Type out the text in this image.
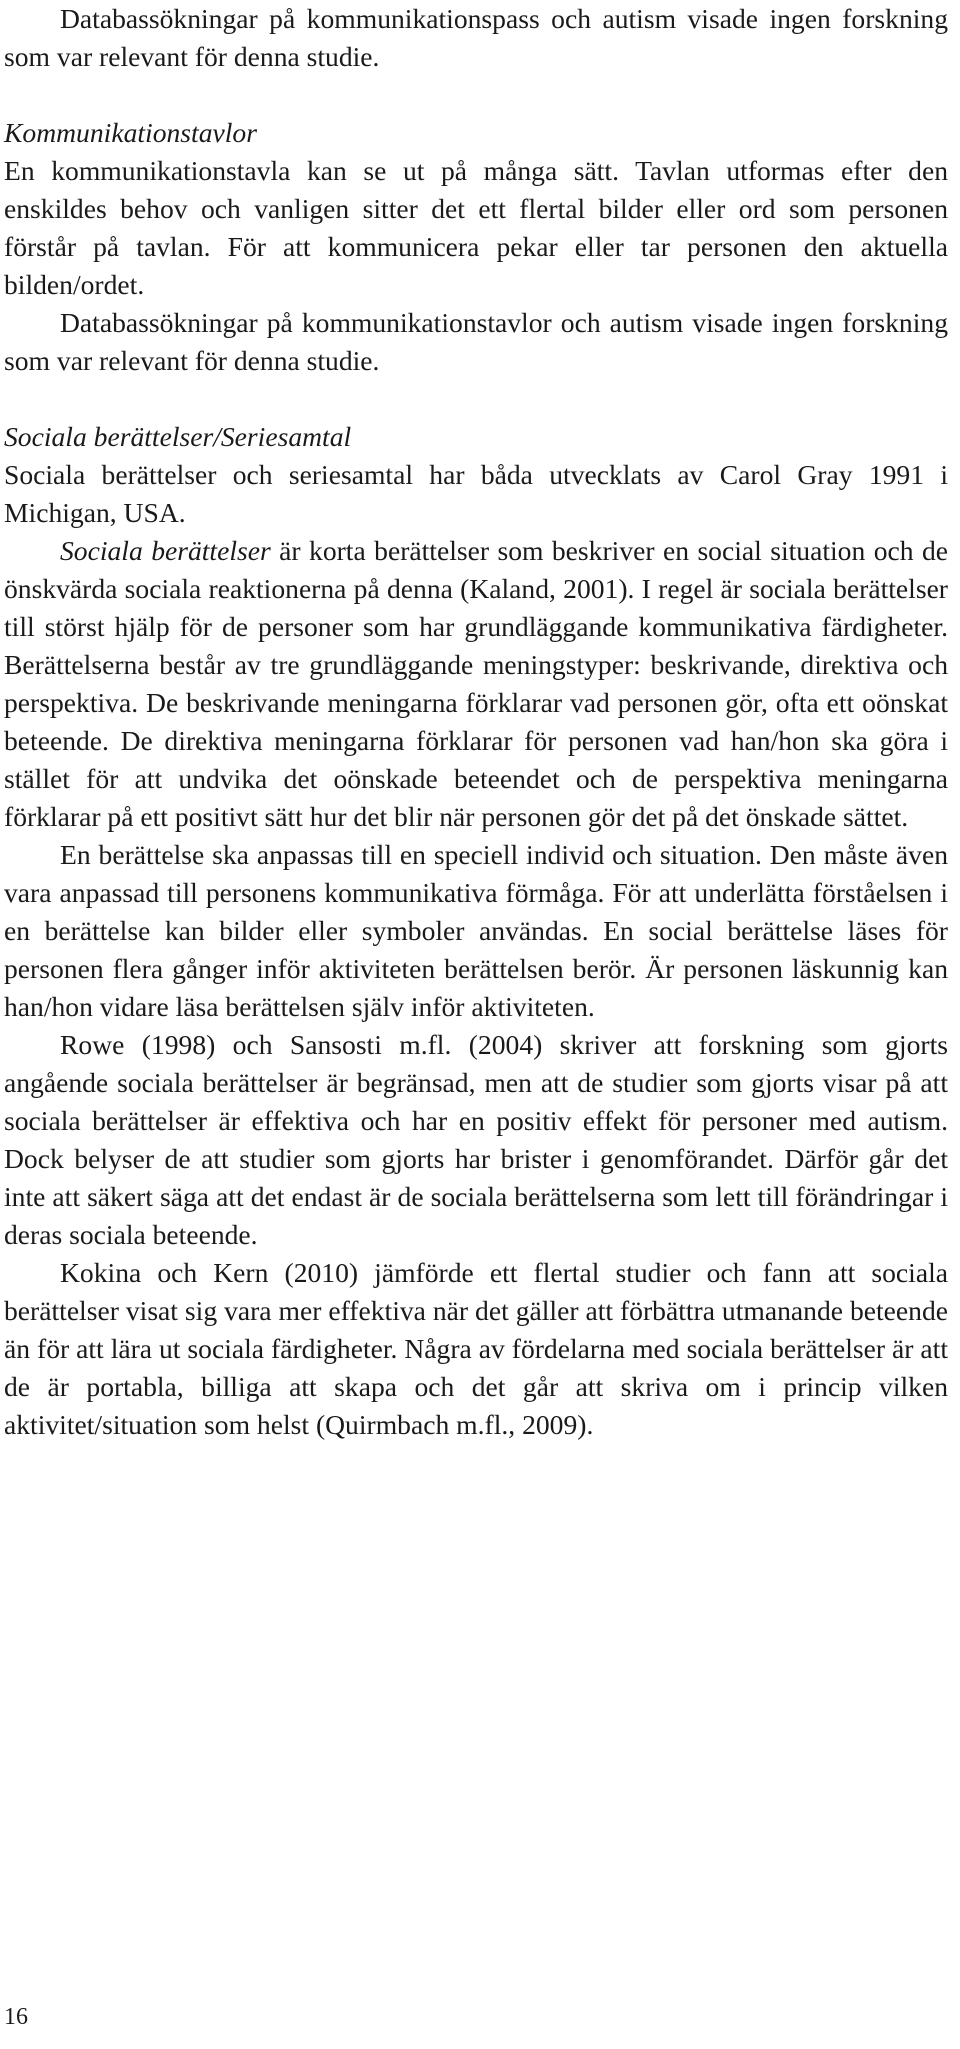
Databassökningar på kommunikationspass och autism visade ingen forskning som var relevant för denna studie.

Kommunikationstavlor

En kommunikationstavla kan se ut på många sätt. Tavlan utformas efter den enskildes behov och vanligen sitter det ett flertal bilder eller ord som personen förstår på tavlan. För att kommunicera pekar eller tar personen den aktuella bilden/ordet.

Databassökningar på kommunikationstavlor och autism visade ingen forskning som var relevant för denna studie.

Sociala berättelser/Seriesamtal

Sociala berättelser och seriesamtal har båda utvecklats av Carol Gray 1991 i Michigan, USA.

Sociala berättelser är korta berättelser som beskriver en social situation och de önskvärda sociala reaktionerna på denna (Kaland, 2001). I regel är sociala berättelser till störst hjälp för de personer som har grundläggande kommunikativa färdigheter. Berättelserna består av tre grundläggande meningstyper: beskrivande, direktiva och perspektiva. De beskrivande meningarna förklarar vad personen gör, ofta ett oönskat beteende. De direktiva meningarna förklarar för personen vad han/hon ska göra i stället för att undvika det oönskade beteendet och de perspektiva meningarna förklarar på ett positivt sätt hur det blir när personen gör det på det önskade sättet.

En berättelse ska anpassas till en speciell individ och situation. Den måste även vara anpassad till personens kommunikativa förmåga. För att underlätta förståelsen i en berättelse kan bilder eller symboler användas. En social berättelse läses för personen flera gånger inför aktiviteten berättelsen berör. Är personen läskunnig kan han/hon vidare läsa berättelsen själv inför aktiviteten.

Rowe (1998) och Sansosti m.fl. (2004) skriver att forskning som gjorts angående sociala berättelser är begränsad, men att de studier som gjorts visar på att sociala berättelser är effektiva och har en positiv effekt för personer med autism. Dock belyser de att studier som gjorts har brister i genomförandet. Därför går det inte att säkert säga att det endast är de sociala berättelserna som lett till förändringar i deras sociala beteende.

Kokina och Kern (2010) jämförde ett flertal studier och fann att sociala berättelser visat sig vara mer effektiva när det gäller att förbättra utmanande beteende än för att lära ut sociala färdigheter. Några av fördelarna med sociala berättelser är att de är portabla, billiga att skapa och det går att skriva om i princip vilken aktivitet/situation som helst (Quirmbach m.fl., 2009).

16
